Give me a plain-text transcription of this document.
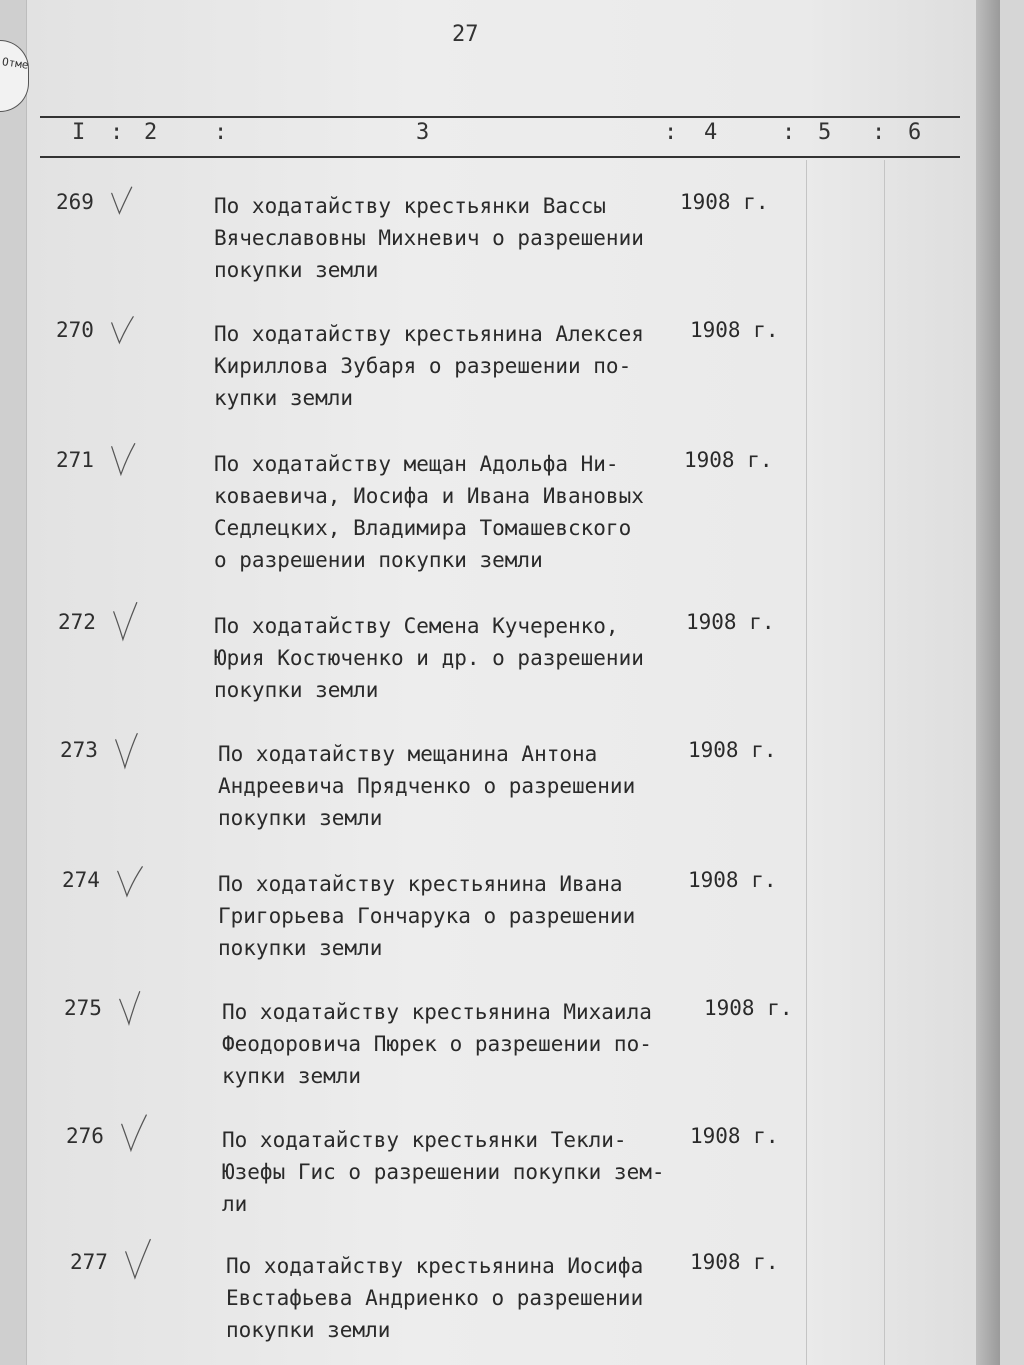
Отме
27
I : 2	:	3	: 4	: 5 : 6

269	По ходатайству крестьянки Вассы
Вячеславовны Михневич о разрешении
покупки земли
1908 г.
270	По ходатайству крестьянина Алексея
Кириллова Зубаря о разрешении по-
купки земли
1908 г.
271	По ходатайству мещан Адольфа Ни-
коваевича, Иосифа и Ивана Ивановых
Седлецких, Владимира Томашевского
о разрешении покупки земли
1908 г.
272	По ходатайству Семена Кучеренко,
Юрия Костюченко и др. о разрешении
покупки земли
1908 г.
273	По ходатайству мещанина Антона
Андреевича Прядченко о разрешении
покупки земли
1908 г.
274	По ходатайству крестьянина Ивана
Григорьева Гончарука о разрешении
покупки земли
1908 г.
275	По ходатайству крестьянина Михаила
Феодоровича Пюрек о разрешении по-
купки земли
1908 г.
276	По ходатайству крестьянки Текли-
Юзефы Гис о разрешении покупки зем-
ли
1908 г.
277	По ходатайству крестьянина Иосифа
Евстафьева Андриенко о разрешении
покупки земли
1908 г.
